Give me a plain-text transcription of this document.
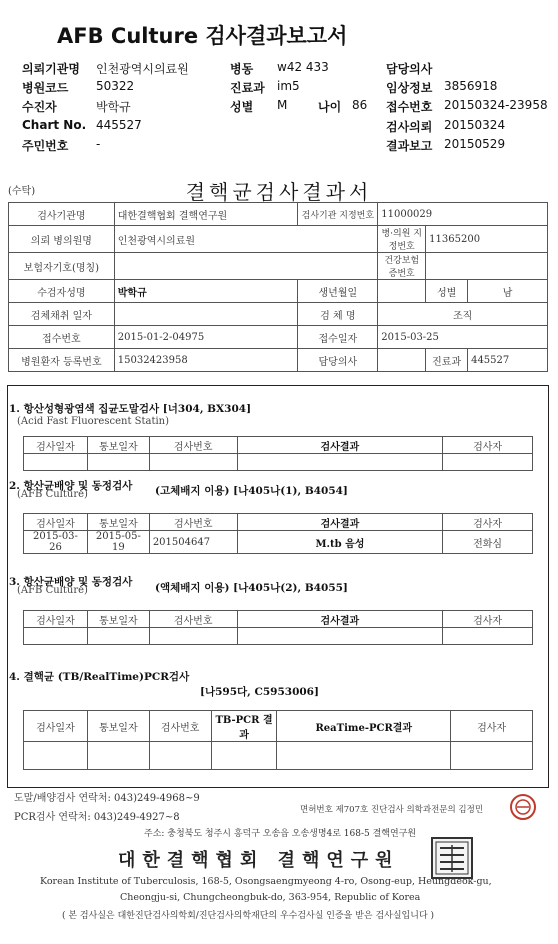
AFB Culture 검사결과보고서
의뢰기관명 인천광역시의료원	병동 w42 433	담당의사
병원코드 50322	진료과 im5	임상정보 3856918
수진자	박학규	성별 M	나이 86 접수번호 20150324-23958
Chart No. 445527	검사의뢰 20150324
주민번호 -	결과보고 20150529
(수탁)	결핵균검사결과서
검사기관명	대한결핵협회 결핵연구원	검사기관 지정번호	11000029		
의뢰 병의원명	인천광역시의료원		병·의원 지정번호	11365200	
보험자기호(명칭)			건강보험 증번호		
수검자성명	박학규	생년월일		성별	남
검체채취 일자		검 체 명	조직		
접수번호	2015-01-2-04975	접수일자	2015-03-25		
병원환자 등록번호	15032423958	담당의사		진료과	445527
1. 항산성형광염색 집균도말검사 [너304, BX304]
(Acid Fast Fluorescent Statin)
검사일자	통보일자	검사번호	검사결과	검사자

2. 항산균배양 및 동정검사
(AFB Culture)	(고체배지 이용) [나405나(1), B4054]
검사일자	통보일자	검사번호	검사결과	검사자
2015-03-26	2015-05-19	201504647	M.tb 음성	전화심
3. 항산균배양 및 동정검사
(AFB Culture)	(액체배지 이용) [나405나(2), B4055]
검사일자	통보일자	검사번호	검사결과	검사자

4. 결핵균 (TB/RealTime)PCR검사
[나595다, C5953006]
검사일자	통보일자	검사번호	TB-PCR 결과	ReaTime-PCR결과	검사자

도말/배양검사 연락처: 043)249-4968~9
PCR검사 연락처: 043)249-4927~8
면허번호 제707호 진단검사 의학과전문의 김정민
주소: 충청북도 청주시 흥덕구 오송읍 오송생명4로 168-5 결핵연구원
대한결핵협회 결핵연구원
Korean Institute of Tuberculosis, 168-5, Osongsaengmyeong 4-ro, Osong-eup, Heungdeok-gu,
Cheongju-si, Chungcheongbuk-do, 363-954, Republic of Korea
( 본 검사실은 대한진단검사의학회/진단검사의학재단의 우수검사실 인증을 받은 검사실입니다 )
